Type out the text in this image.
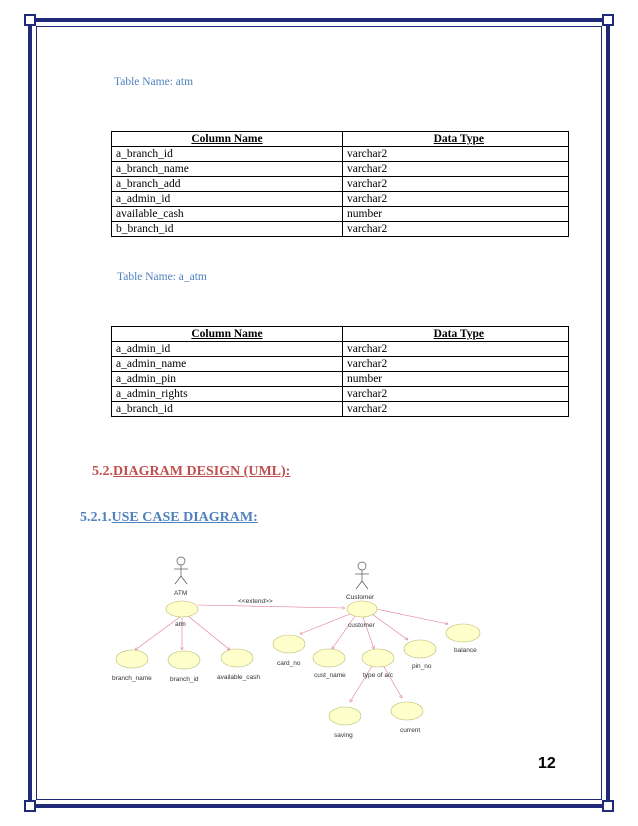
Table Name: atm
Column Name	Data Type
a_branch_id	varchar2
a_branch_name	varchar2
a_branch_add	varchar2
a_admin_id	varchar2
available_cash	number
b_branch_id	varchar2
Table Name: a_atm
Column Name	Data Type
a_admin_id	varchar2
a_admin_name	varchar2
a_admin_pin	number
a_admin_rights	varchar2
a_branch_id	varchar2
5.2.DIAGRAM DESIGN (UML):
5.2.1.USE CASE DIAGRAM:
ATM
Customer
<<extend>>
atm
branch_name	branch_id	available_cash
customer
card_no
cust_name	type of a/c
pin_no
balance
saving
current
12
